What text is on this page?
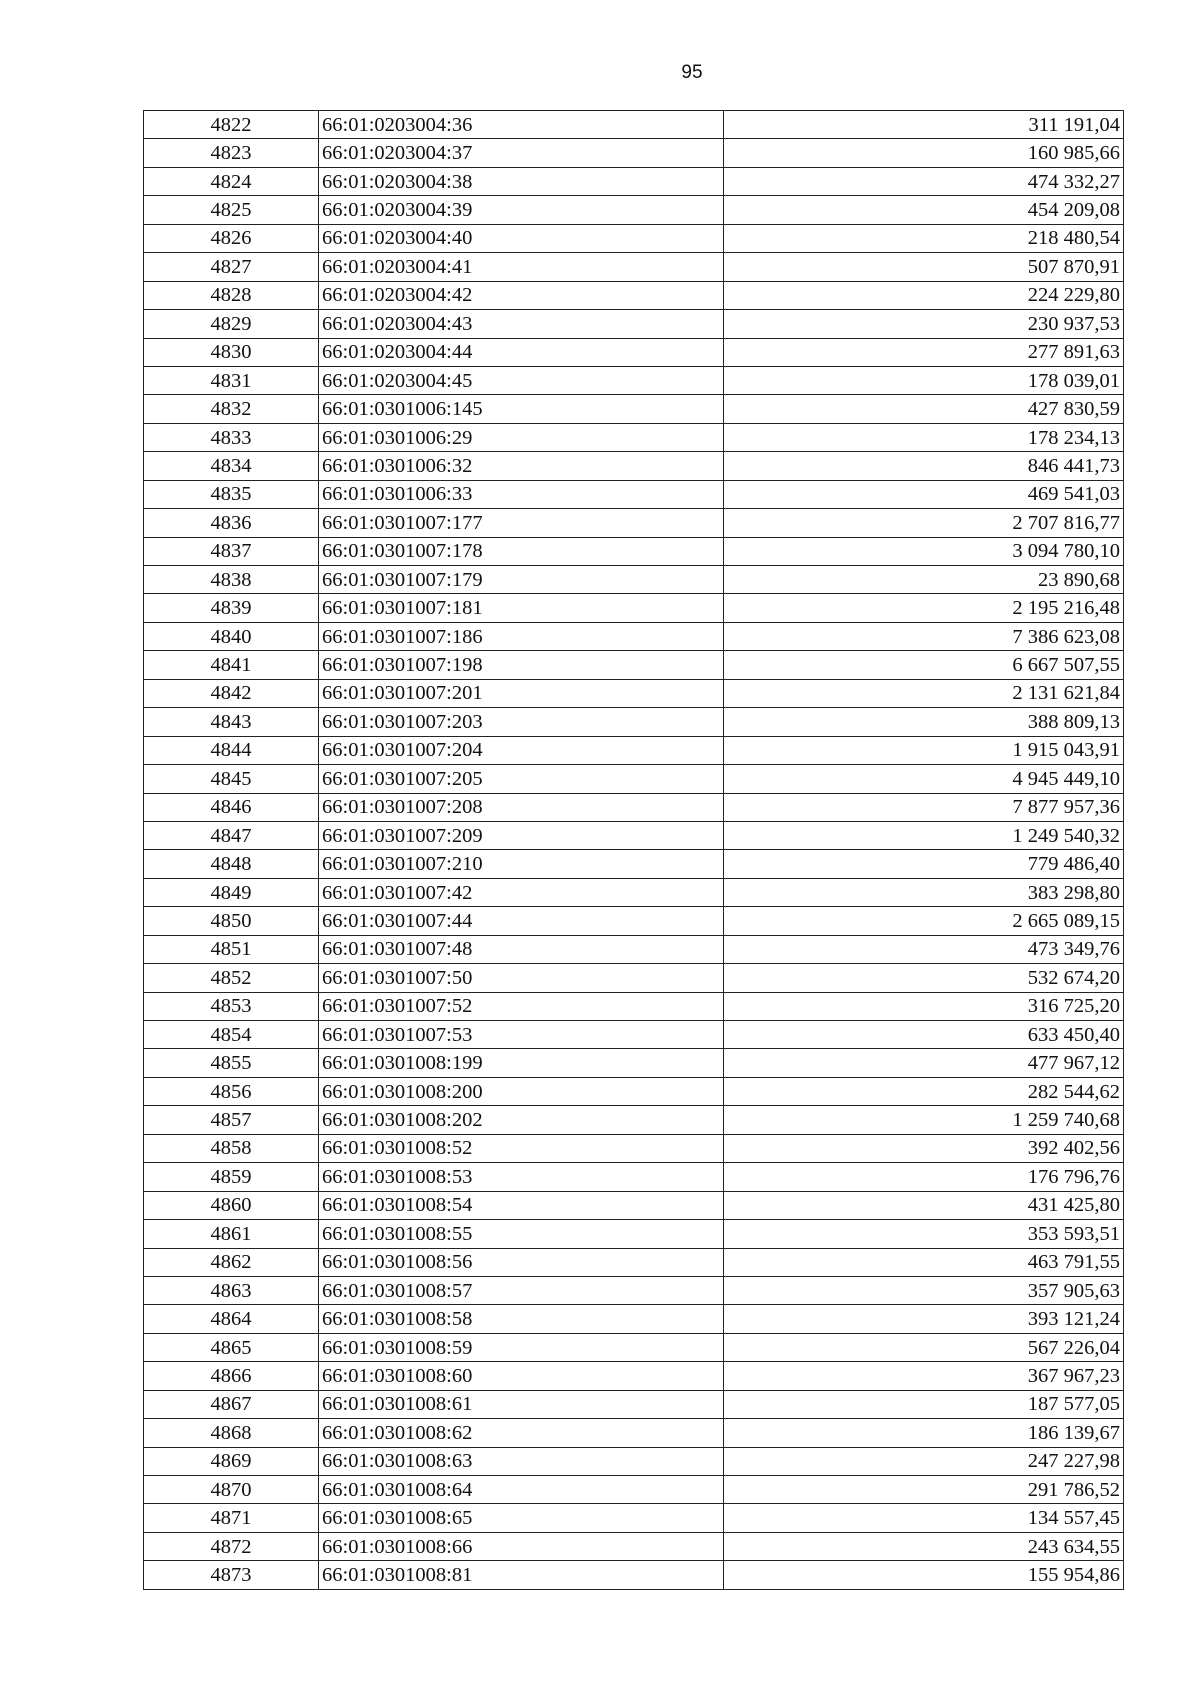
95
4822	66:01:0203004:36	311 191,04
4823	66:01:0203004:37	160 985,66
4824	66:01:0203004:38	474 332,27
4825	66:01:0203004:39	454 209,08
4826	66:01:0203004:40	218 480,54
4827	66:01:0203004:41	507 870,91
4828	66:01:0203004:42	224 229,80
4829	66:01:0203004:43	230 937,53
4830	66:01:0203004:44	277 891,63
4831	66:01:0203004:45	178 039,01
4832	66:01:0301006:145	427 830,59
4833	66:01:0301006:29	178 234,13
4834	66:01:0301006:32	846 441,73
4835	66:01:0301006:33	469 541,03
4836	66:01:0301007:177	2 707 816,77
4837	66:01:0301007:178	3 094 780,10
4838	66:01:0301007:179	23 890,68
4839	66:01:0301007:181	2 195 216,48
4840	66:01:0301007:186	7 386 623,08
4841	66:01:0301007:198	6 667 507,55
4842	66:01:0301007:201	2 131 621,84
4843	66:01:0301007:203	388 809,13
4844	66:01:0301007:204	1 915 043,91
4845	66:01:0301007:205	4 945 449,10
4846	66:01:0301007:208	7 877 957,36
4847	66:01:0301007:209	1 249 540,32
4848	66:01:0301007:210	779 486,40
4849	66:01:0301007:42	383 298,80
4850	66:01:0301007:44	2 665 089,15
4851	66:01:0301007:48	473 349,76
4852	66:01:0301007:50	532 674,20
4853	66:01:0301007:52	316 725,20
4854	66:01:0301007:53	633 450,40
4855	66:01:0301008:199	477 967,12
4856	66:01:0301008:200	282 544,62
4857	66:01:0301008:202	1 259 740,68
4858	66:01:0301008:52	392 402,56
4859	66:01:0301008:53	176 796,76
4860	66:01:0301008:54	431 425,80
4861	66:01:0301008:55	353 593,51
4862	66:01:0301008:56	463 791,55
4863	66:01:0301008:57	357 905,63
4864	66:01:0301008:58	393 121,24
4865	66:01:0301008:59	567 226,04
4866	66:01:0301008:60	367 967,23
4867	66:01:0301008:61	187 577,05
4868	66:01:0301008:62	186 139,67
4869	66:01:0301008:63	247 227,98
4870	66:01:0301008:64	291 786,52
4871	66:01:0301008:65	134 557,45
4872	66:01:0301008:66	243 634,55
4873	66:01:0301008:81	155 954,86
